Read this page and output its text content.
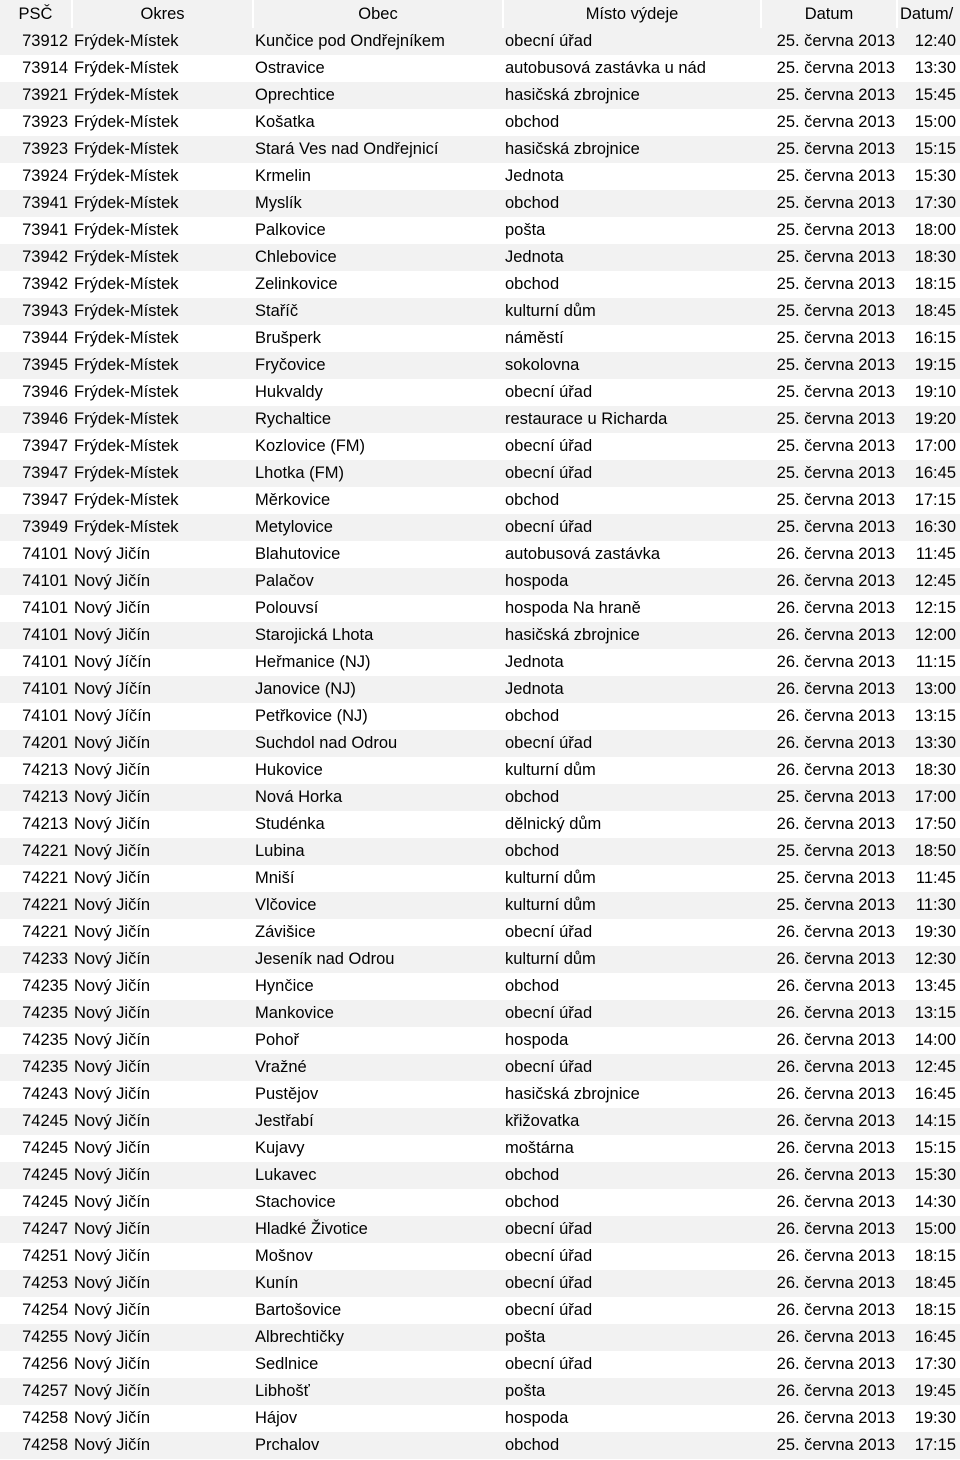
PSČ	Okres	Obec	Místo výdeje	Datum	Datum/
73912	Frýdek-Místek	Kunčice pod Ondřejníkem	obecní úřad	25. června 2013	12:40
73914	Frýdek-Místek	Ostravice	autobusová zastávka u nád	25. června 2013	13:30
73921	Frýdek-Místek	Oprechtice	hasičská zbrojnice	25. června 2013	15:45
73923	Frýdek-Místek	Košatka	obchod	25. června 2013	15:00
73923	Frýdek-Místek	Stará Ves nad Ondřejnicí	hasičská zbrojnice	25. června 2013	15:15
73924	Frýdek-Místek	Krmelin	Jednota	25. června 2013	15:30
73941	Frýdek-Místek	Myslík	obchod	25. června 2013	17:30
73941	Frýdek-Místek	Palkovice	pošta	25. června 2013	18:00
73942	Frýdek-Místek	Chlebovice	Jednota	25. června 2013	18:30
73942	Frýdek-Místek	Zelinkovice	obchod	25. června 2013	18:15
73943	Frýdek-Místek	Staříč	kulturní dům	25. června 2013	18:45
73944	Frýdek-Místek	Brušperk	náměstí	25. června 2013	16:15
73945	Frýdek-Místek	Fryčovice	sokolovna	25. června 2013	19:15
73946	Frýdek-Místek	Hukvaldy	obecní úřad	25. června 2013	19:10
73946	Frýdek-Místek	Rychaltice	restaurace u Richarda	25. června 2013	19:20
73947	Frýdek-Místek	Kozlovice (FM)	obecní úřad	25. června 2013	17:00
73947	Frýdek-Místek	Lhotka (FM)	obecní úřad	25. června 2013	16:45
73947	Frýdek-Místek	Měrkovice	obchod	25. června 2013	17:15
73949	Frýdek-Místek	Metylovice	obecní úřad	25. června 2013	16:30
74101	Nový Jičín	Blahutovice	autobusová zastávka	26. června 2013	11:45
74101	Nový Jičín	Palačov	hospoda	26. června 2013	12:45
74101	Nový Jičín	Polouvsí	hospoda Na hraně	26. června 2013	12:15
74101	Nový Jičín	Starojická Lhota	hasičská zbrojnice	26. června 2013	12:00
74101	Nový Jíčín	Heřmanice (NJ)	Jednota	26. června 2013	11:15
74101	Nový Jíčín	Janovice (NJ)	Jednota	26. června 2013	13:00
74101	Nový Jíčín	Petřkovice (NJ)	obchod	26. června 2013	13:15
74201	Nový Jičín	Suchdol nad Odrou	obecní úřad	26. června 2013	13:30
74213	Nový Jičín	Hukovice	kulturní dům	26. června 2013	18:30
74213	Nový Jičín	Nová Horka	obchod	25. června 2013	17:00
74213	Nový Jičín	Studénka	dělnický dům	26. června 2013	17:50
74221	Nový Jičín	Lubina	obchod	25. června 2013	18:50
74221	Nový Jičín	Mniší	kulturní dům	25. června 2013	11:45
74221	Nový Jičín	Vlčovice	kulturní dům	25. června 2013	11:30
74221	Nový Jičín	Závišice	obecní úřad	26. června 2013	19:30
74233	Nový Jičín	Jeseník nad Odrou	kulturní dům	26. června 2013	12:30
74235	Nový Jičín	Hynčice	obchod	26. června 2013	13:45
74235	Nový Jičín	Mankovice	obecní úřad	26. června 2013	13:15
74235	Nový Jičín	Pohoř	hospoda	26. června 2013	14:00
74235	Nový Jičín	Vražné	obecní úřad	26. června 2013	12:45
74243	Nový Jičín	Pustějov	hasičská zbrojnice	26. června 2013	16:45
74245	Nový Jičín	Jestřabí	křižovatka	26. června 2013	14:15
74245	Nový Jičín	Kujavy	moštárna	26. června 2013	15:15
74245	Nový Jičín	Lukavec	obchod	26. června 2013	15:30
74245	Nový Jičín	Stachovice	obchod	26. června 2013	14:30
74247	Nový Jičín	Hladké Životice	obecní úřad	26. června 2013	15:00
74251	Nový Jičín	Mošnov	obecní úřad	26. června 2013	18:15
74253	Nový Jičín	Kunín	obecní úřad	26. června 2013	18:45
74254	Nový Jičín	Bartošovice	obecní úřad	26. června 2013	18:15
74255	Nový Jičín	Albrechtičky	pošta	26. června 2013	16:45
74256	Nový Jičín	Sedlnice	obecní úřad	26. června 2013	17:30
74257	Nový Jičín	Libhošť	pošta	26. června 2013	19:45
74258	Nový Jičín	Hájov	hospoda	26. června 2013	19:30
74258	Nový Jičín	Prchalov	obchod	25. června 2013	17:15
